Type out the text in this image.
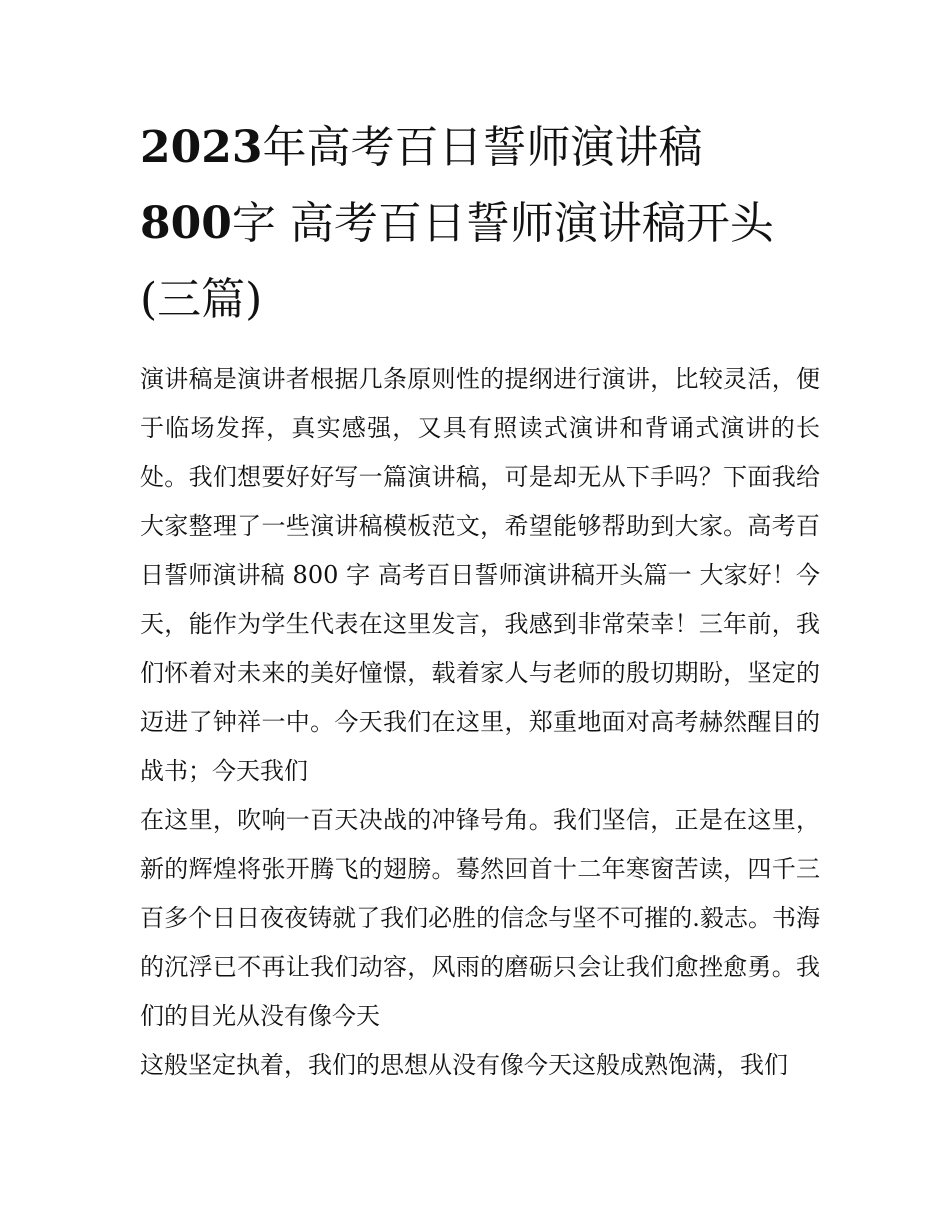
2023年高考百日誓师演讲稿
800字 高考百日誓师演讲稿开头(三篇)

演讲稿是演讲者根据几条原则性的提纲进行演讲，比较灵活，便于临场发挥，真实感强，又具有照读式演讲和背诵式演讲的长处。我们想要好好写一篇演讲稿，可是却无从下手吗？下面我给大家整理了一些演讲稿模板范文，希望能够帮助到大家。高考百日誓师演讲稿 800 字 高考百日誓师演讲稿开头篇一 大家好！今天，能作为学生代表在这里发言，我感到非常荣幸！三年前，我们怀着对未来的美好憧憬，载着家人与老师的殷切期盼，坚定的迈进了钟祥一中。今天我们在这里，郑重地面对高考赫然醒目的战书；今天我们

在这里，吹响一百天决战的冲锋号角。我们坚信，正是在这里，新的辉煌将张开腾飞的翅膀。蓦然回首十二年寒窗苦读，四千三百多个日日夜夜铸就了我们必胜的信念与坚不可摧的.毅志。书海的沉浮已不再让我们动容，风雨的磨砺只会让我们愈挫愈勇。我们的目光从没有像今天

这般坚定执着，我们的思想从没有像今天这般成熟饱满，我们
